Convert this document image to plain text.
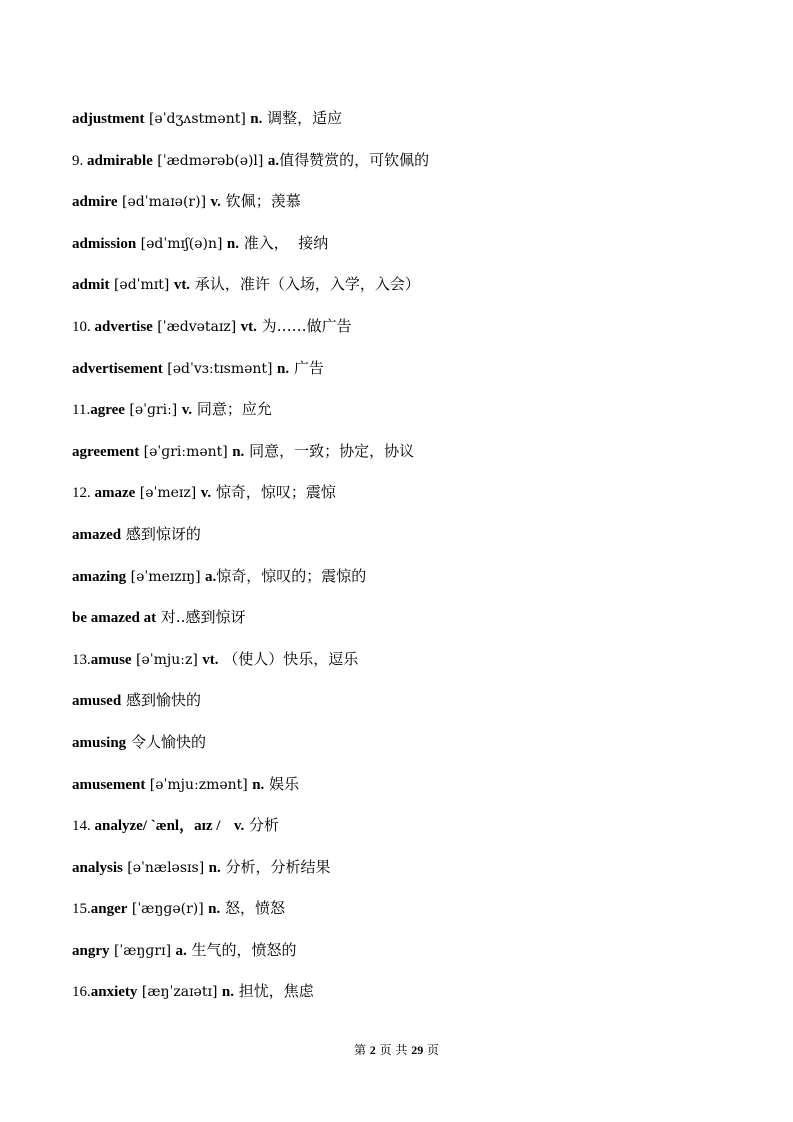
adjustment [əˈdʒʌstmənt] n. 调整，适应
9. admirable [ˈædmərəb(ə)l] a.值得赞赏的，可钦佩的
admire [ədˈmaɪə(r)] v. 钦佩；羡慕
admission [ədˈmɪʃ(ə)n] n. 准入，  接纳
admit [ədˈmɪt] vt. 承认，准许（入场，入学，入会）
10. advertise [ˈædvətaɪz] vt. 为……做广告
advertisement [ədˈvɜːtɪsmənt] n. 广告
11.agree [əˈɡriː] v. 同意；应允
agreement [əˈɡriːmənt] n. 同意，一致；协定，协议
12. amaze [əˈmeɪz] v. 惊奇，惊叹；震惊
amazed 感到惊讶的
amazing [əˈmeɪzɪŋ] a.惊奇，惊叹的；震惊的
be amazed at 对..感到惊讶
13.amuse [əˈmjuːz] vt. （使人）快乐，逗乐
amused 感到愉快的
amusing 令人愉快的
amusement [əˈmjuːzmənt] n. 娱乐
14. analyze/ `ænl，aɪz / v. 分析
analysis [əˈnæləsɪs] n. 分析，分析结果
15.anger [ˈæŋɡə(r)] n. 怒，愤怒
angry [ˈæŋɡrɪ] a. 生气的，愤怒的
16.anxiety [æŋˈzaɪətɪ] n. 担忧，焦虑
第 2 页 共 29 页
